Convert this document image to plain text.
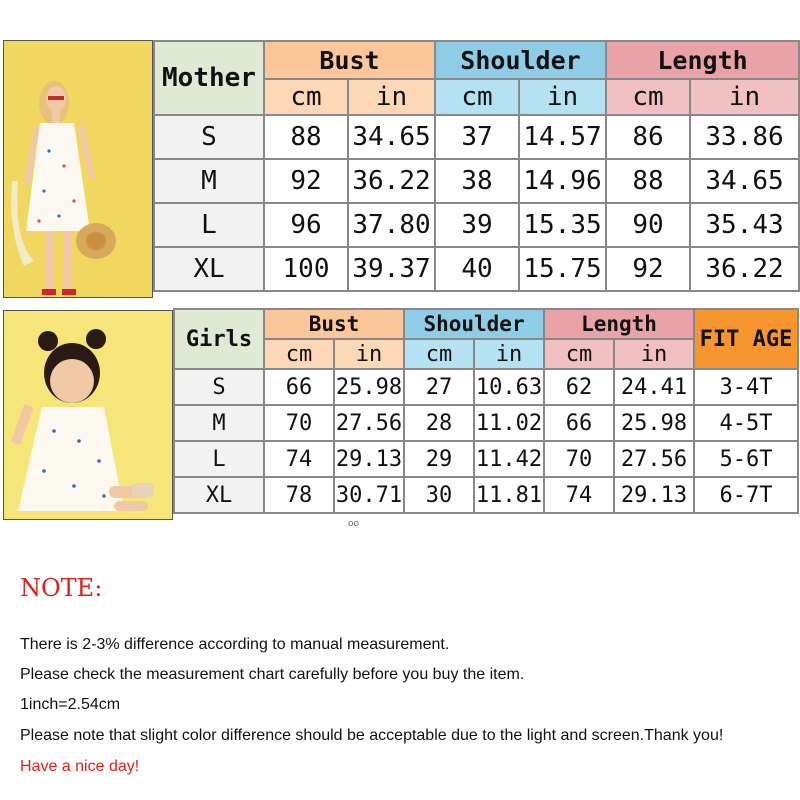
Mother	Bust		Shoulder		Length	
	cm	in	cm	in	cm	in
S	88	34.65	37	14.57	86	33.86
M	92	36.22	38	14.96	88	34.65
L	96	37.80	39	15.35	90	35.43
XL	100	39.37	40	15.75	92	36.22
Girls	Bust		Shoulder		Length		FIT AGE
	cm	in	cm	in	cm	in	
S	66	25.98	27	10.63	62	24.41	3-4T
M	70	27.56	28	11.02	66	25.98	4-5T
L	74	29.13	29	11.42	70	27.56	5-6T
XL	78	30.71	30	11.81	74	29.13	6-7T
oo
NOTE:
There is 2-3% difference according to manual measurement.
Please check the measurement chart carefully before you buy the item.
1inch=2.54cm
Please note that slight color difference should be acceptable due to the light and screen.Thank you!
Have a nice day!
